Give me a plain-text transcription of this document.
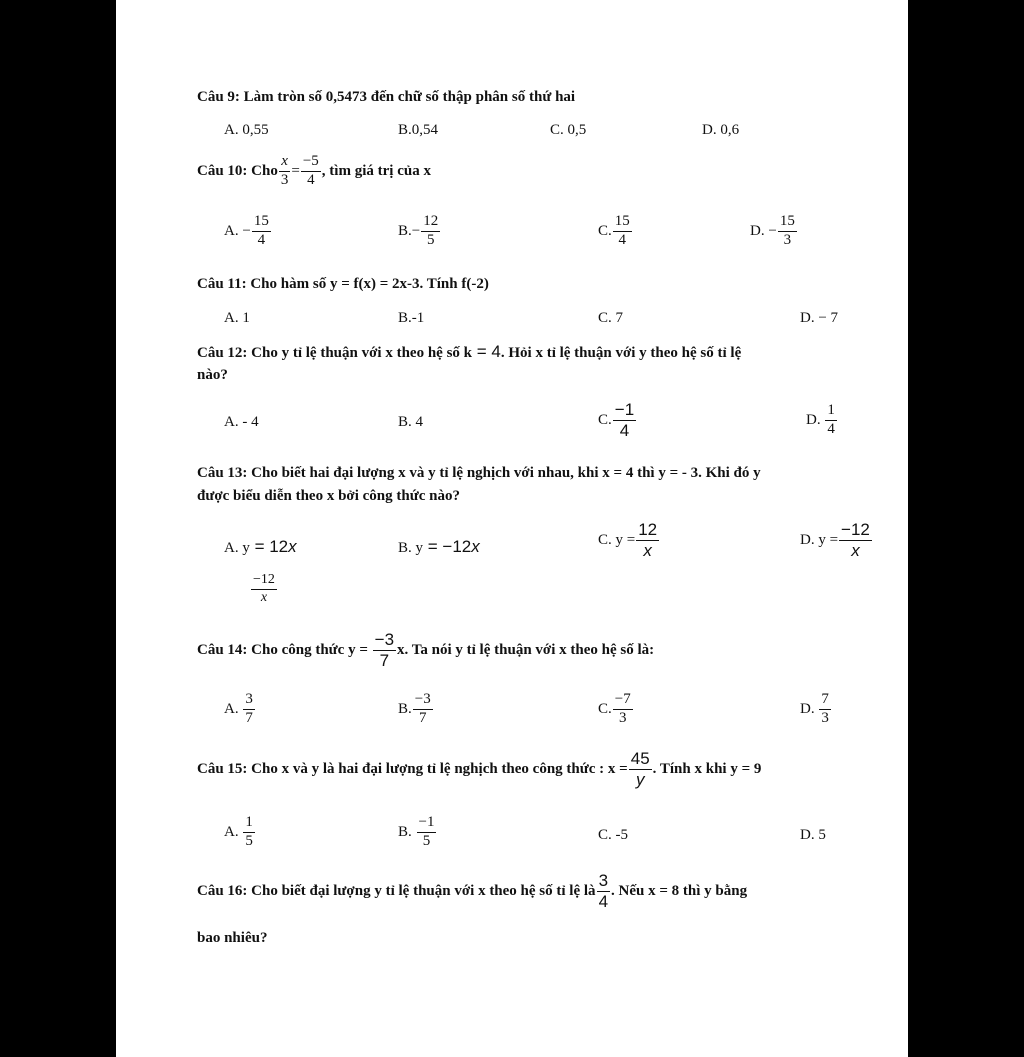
Câu 9: Làm tròn số 0,5473 đến chữ số thập phân số thứ hai
A. 0,55	B.0,54	C. 0,5	D. 0,6
Câu 10: Cho $\frac{x}{3} = \frac{-5}{4}$ , tìm giá trị của x
A.
− $\frac{15}{4}$	B. − $\frac{12}{5}$	C. $\frac{15}{4}$	D.
− $\frac{15}{3}$
Câu 11: Cho hàm số y = f(x) = 2x-3. Tính f(-2)
A. 1	B.-1	C. 7	D. − 7
Câu 12: Cho y tỉ lệ thuận với x theo hệ số k = 4. Hỏi x tỉ lệ thuận với y theo hệ số tỉ lệ
nào?
A. - 4	B. 4	C. $\frac{-1}{4}$	D.
$\frac{1}{4}$
Câu 13: Cho biết hai đại lượng x và y tỉ lệ nghịch với nhau, khi x = 4 thì y = - 3. Khi đó y
được biểu diễn theo x bởi công thức nào?
A. y = 12x	B. y = −12x	C. $y = \frac{12}{x}$	D. $y = \frac{-12}{x}$
$\frac{-12}{x}$
Câu 14: Cho công thức y =
$\frac{-3}{7} x$. Ta nói y tỉ lệ thuận với x theo hệ số là:
A.
$\frac{3}{7}$	B. $\frac{-3}{7}$	C. $\frac{-7}{3}$	D.
$\frac{7}{3}$
Câu 15: Cho x và y là hai đại lượng tỉ lệ nghịch theo công thức : $x = \frac{45}{y}$ . Tính x khi y = 9
A.
$\frac{1}{5}$	B.
$\frac{-1}{5}$	C. -5	D. 5
Câu 16: Cho biết đại lượng y tỉ lệ thuận với x theo hệ số tỉ lệ là $\frac{3}{4}$ . Nếu x = 8 thì y bằng
bao nhiêu?
